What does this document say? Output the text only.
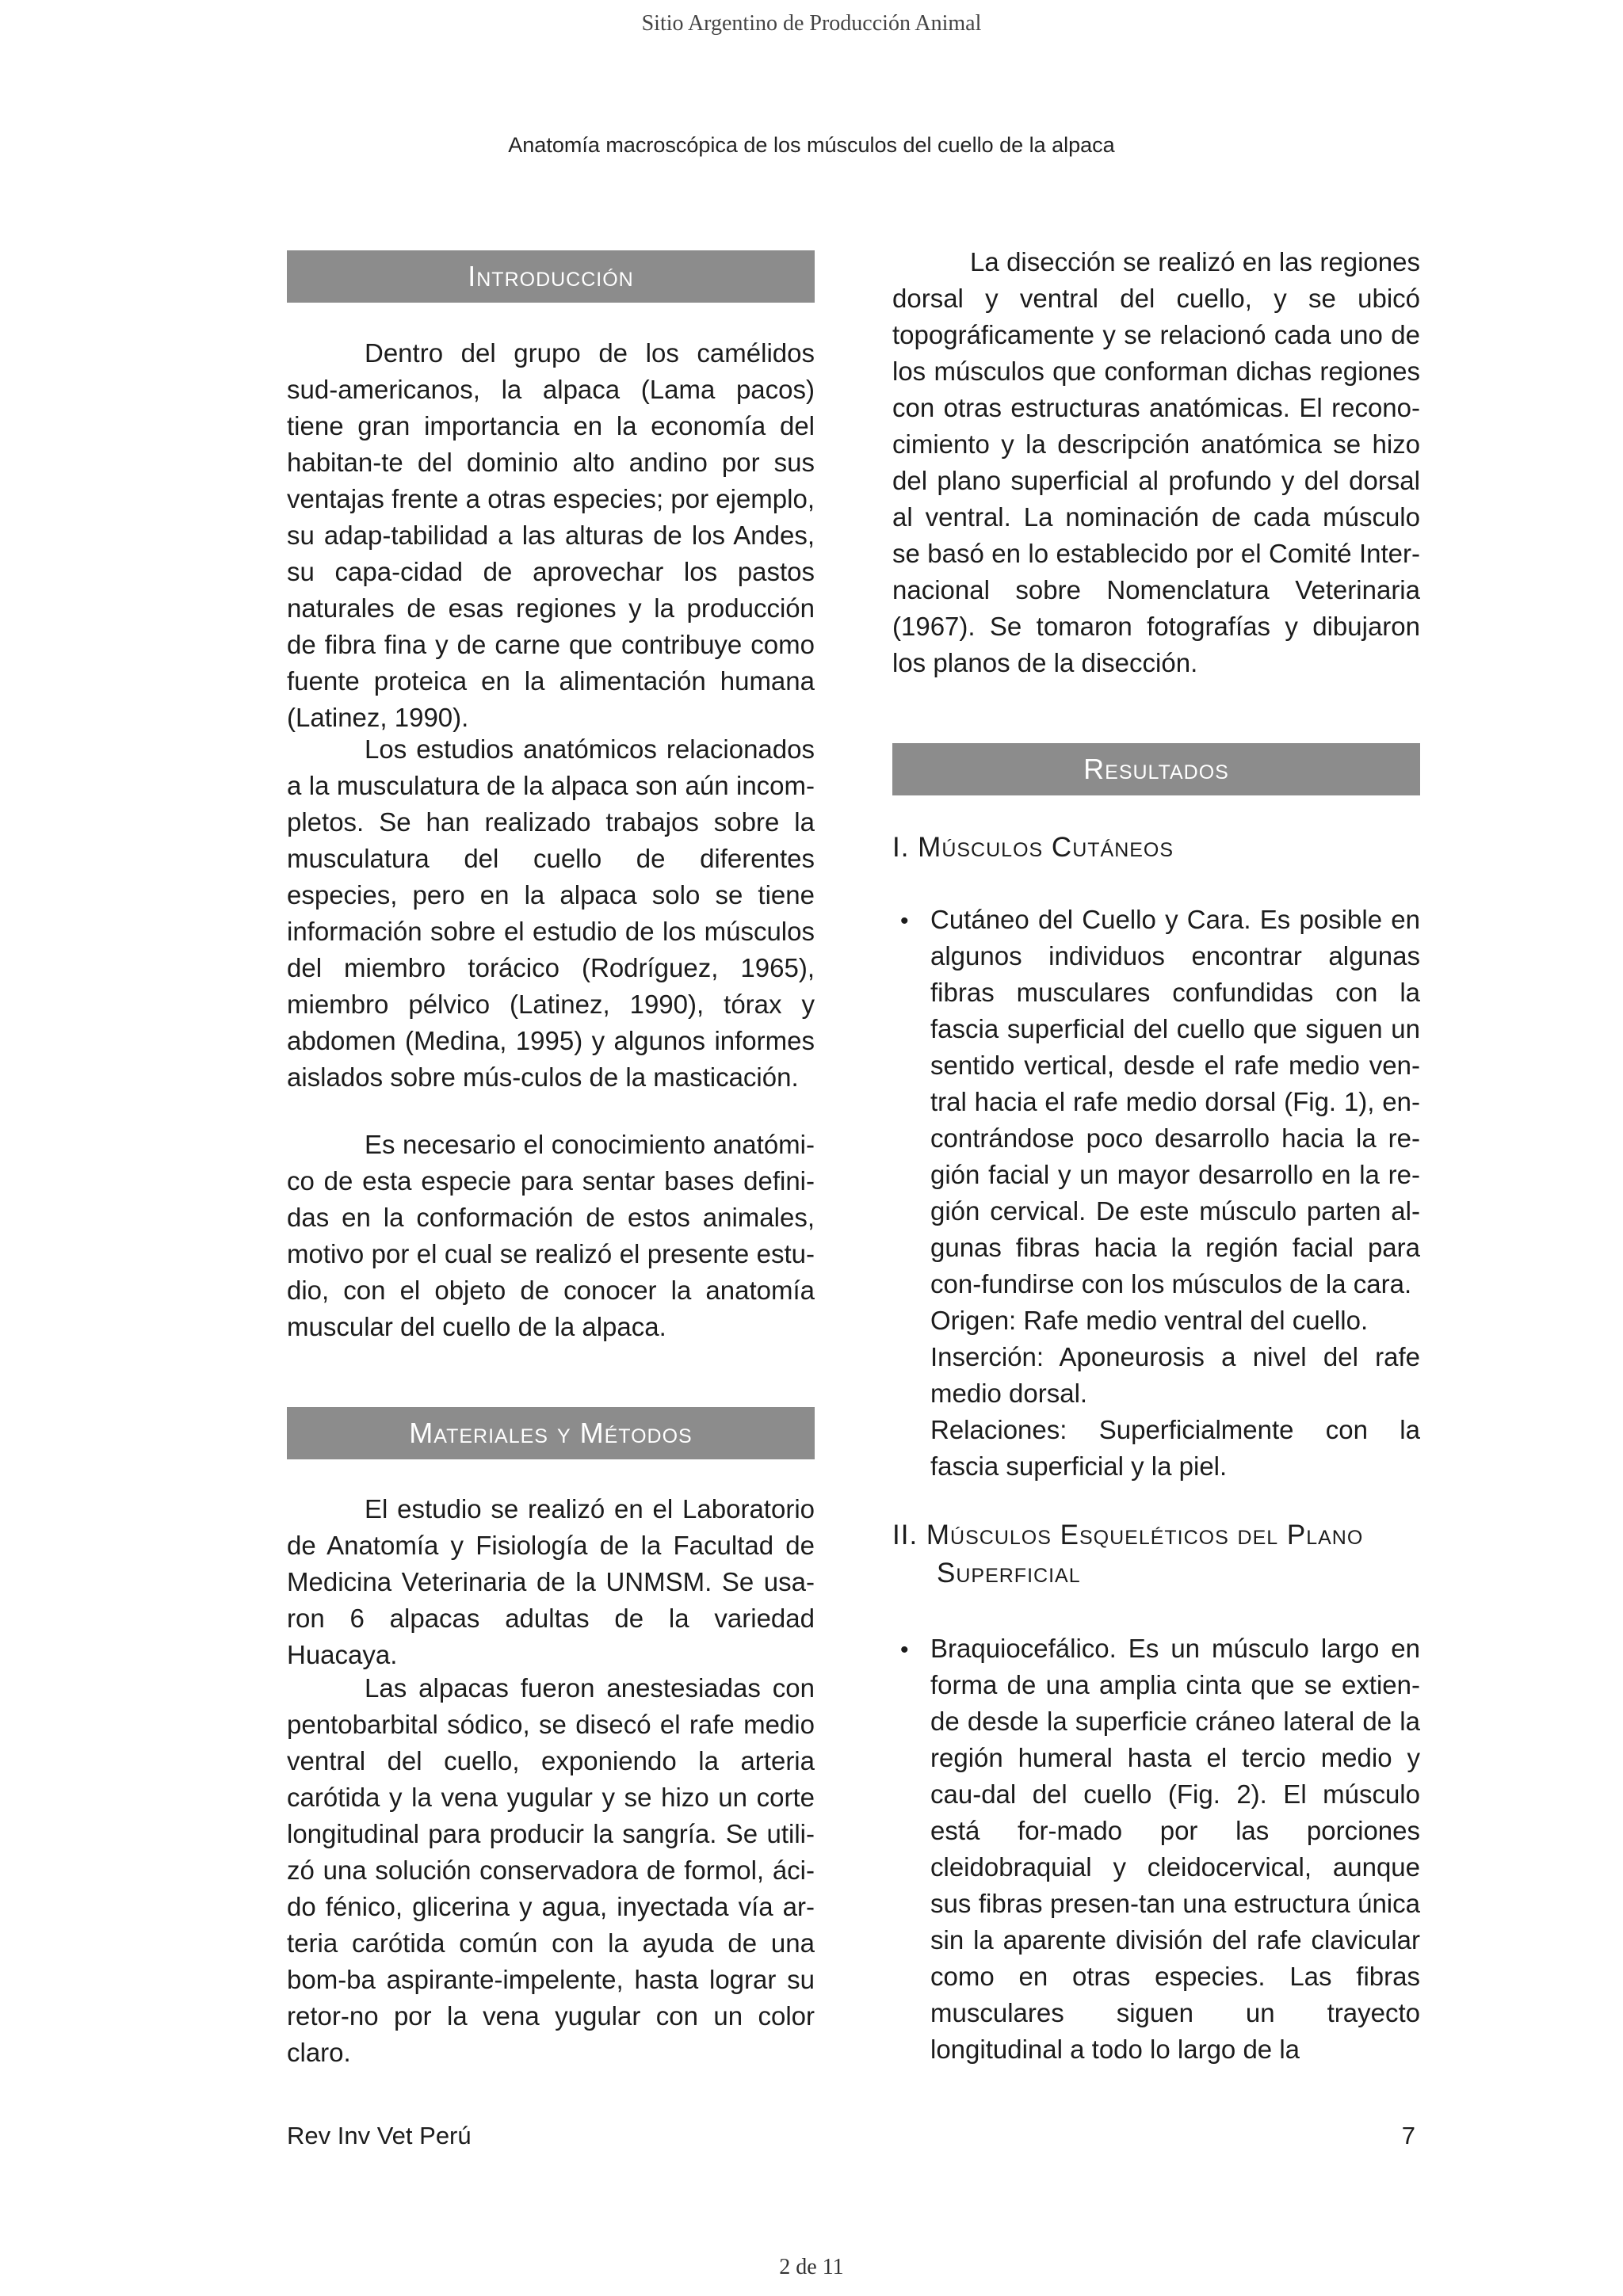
Sitio Argentino de Producción Animal
Anatomía macroscópica de los músculos del cuello de la alpaca
Introducción

Dentro del grupo de los camélidos sud-americanos, la alpaca (Lama pacos) tiene gran importancia en la economía del habitan-te del dominio alto andino por sus ventajas frente a otras especies; por ejemplo, su adap-tabilidad a las alturas de los Andes, su capa-cidad de aprovechar los pastos naturales de esas regiones y la producción de fibra fina y de carne que contribuye como fuente proteica en la alimentación humana (Latinez, 1990).

Los estudios anatómicos relacionados a la musculatura de la alpaca son aún incom-pletos. Se han realizado trabajos sobre la musculatura del cuello de diferentes especies, pero en la alpaca solo se tiene información sobre el estudio de los músculos del miembro torácico (Rodríguez, 1965), miembro pélvico (Latinez, 1990), tórax y abdomen (Medina, 1995) y algunos informes aislados sobre mús-culos de la masticación.

Es necesario el conocimiento anatómi-co de esta especie para sentar bases defini-das en la conformación de estos animales, motivo por el cual se realizó el presente estu-dio, con el objeto de conocer la anatomía muscular del cuello de la alpaca.

Materiales y Métodos

El estudio se realizó en el Laboratorio de Anatomía y Fisiología de la Facultad de Medicina Veterinaria de la UNMSM. Se usa-ron 6 alpacas adultas de la variedad Huacaya.

Las alpacas fueron anestesiadas con pentobarbital sódico, se disecó el rafe medio ventral del cuello, exponiendo la arteria carótida y la vena yugular y se hizo un corte longitudinal para producir la sangría. Se utili-zó una solución conservadora de formol, áci-do fénico, glicerina y agua, inyectada vía ar-teria carótida común con la ayuda de una bom-ba aspirante-impelente, hasta lograr su retor-no por la vena yugular con un color claro.

La disección se realizó en las regiones dorsal y ventral del cuello, y se ubicó topográficamente y se relacionó cada uno de los músculos que conforman dichas regiones con otras estructuras anatómicas. El recono-cimiento y la descripción anatómica se hizo del plano superficial al profundo y del dorsal al ventral. La nominación de cada músculo se basó en lo establecido por el Comité Inter-nacional sobre Nomenclatura Veterinaria (1967). Se tomaron fotografías y dibujaron los planos de la disección.

Resultados
I. Músculos Cutáneos
• Cutáneo del Cuello y Cara. Es posible en algunos individuos encontrar algunas fibras musculares confundidas con la fascia superficial del cuello que siguen un sentido vertical, desde el rafe medio ven-tral hacia el rafe medio dorsal (Fig. 1), en-contrándose poco desarrollo hacia la re-gión facial y un mayor desarrollo en la re-gión cervical. De este músculo parten al-gunas fibras hacia la región facial para con-fundirse con los músculos de la cara.
Origen: Rafe medio ventral del cuello.
Inserción: Aponeurosis a nivel del rafe medio dorsal.
Relaciones: Superficialmente con la fascia superficial y la piel.

II. Músculos Esqueléticos del Plano
Superficial
• Braquiocefálico. Es un músculo largo en forma de una amplia cinta que se extien-de desde la superficie cráneo lateral de la región humeral hasta el tercio medio y cau-dal del cuello (Fig. 2). El músculo está for-mado por las porciones cleidobraquial y cleidocervical, aunque sus fibras presen-tan una estructura única sin la aparente división del rafe clavicular como en otras especies. Las fibras musculares siguen un trayecto longitudinal a todo lo largo de la

Rev Inv Vet Perú	7
2 de 11
